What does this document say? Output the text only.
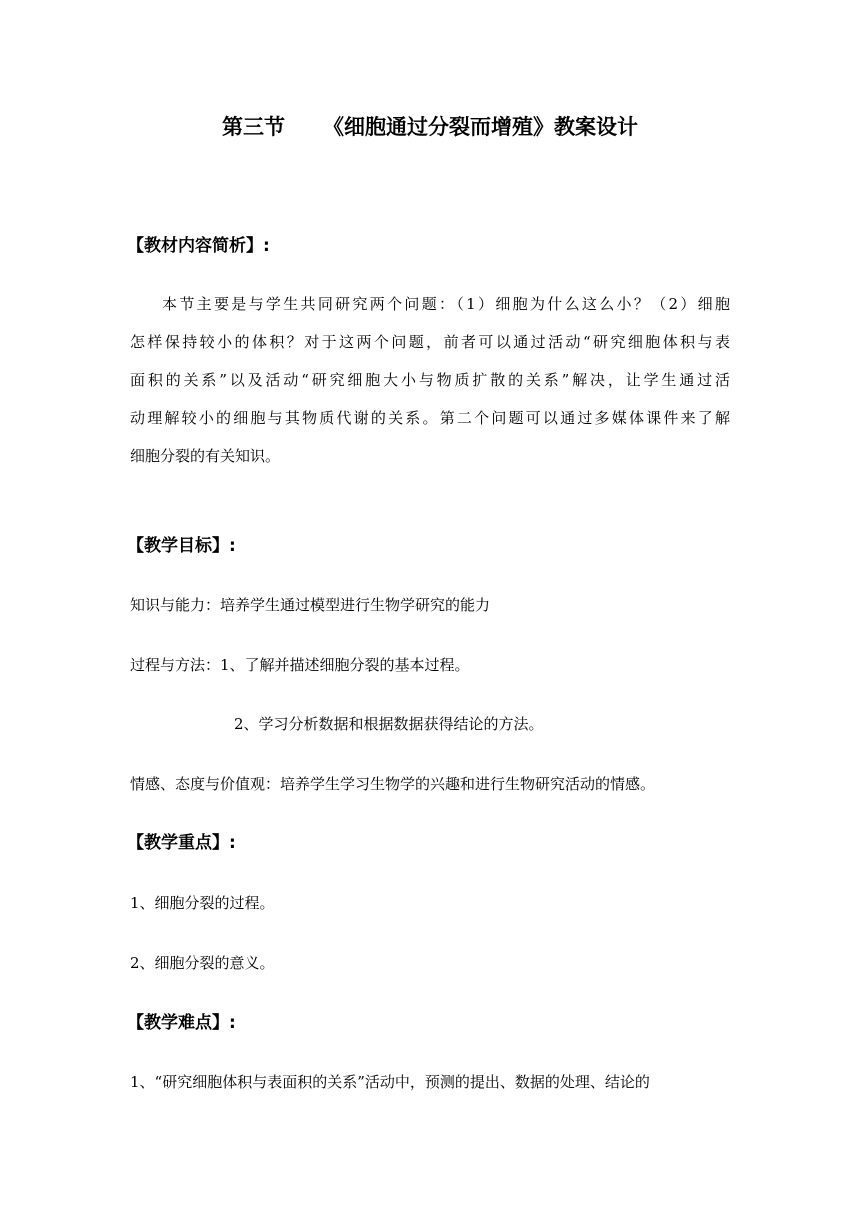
第三节 《细胞通过分裂而增殖》教案设计
【教材内容简析】:
本节主要是与学生共同研究两个问题：（1）细胞为什么这么小？（2）细胞
怎样保持较小的体积？对于这两个问题，前者可以通过活动“研究细胞体积与表
面积的关系”以及活动“研究细胞大小与物质扩散的关系”解决，让学生通过活
动理解较小的细胞与其物质代谢的关系。第二个问题可以通过多媒体课件来了解
细胞分裂的有关知识。
【教学目标】:
知识与能力：培养学生通过模型进行生物学研究的能力
过程与方法：1、了解并描述细胞分裂的基本过程。
2、学习分析数据和根据数据获得结论的方法。
情感、态度与价值观：培养学生学习生物学的兴趣和进行生物研究活动的情感。
【教学重点】:
1、细胞分裂的过程。
2、细胞分裂的意义。
【教学难点】:
1、“研究细胞体积与表面积的关系”活动中，预测的提出、数据的处理、结论的
